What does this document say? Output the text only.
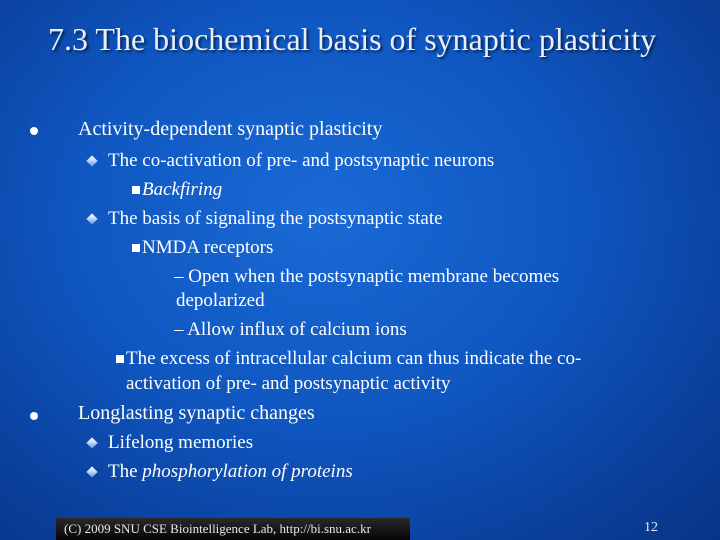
7.3 The biochemical basis of synaptic plasticity
Activity-dependent synaptic plasticity
The co-activation of pre- and postsynaptic neurons
Backfiring
The basis of signaling the postsynaptic state
NMDA receptors
– Open when the postsynaptic membrane becomes
depolarized
– Allow influx of calcium ions
The excess of intracellular calcium can thus indicate the co-
activation of pre- and postsynaptic activity
Longlasting synaptic changes
Lifelong memories
The phosphorylation of proteins
(C) 2009 SNU CSE Biointelligence Lab, http://bi.snu.ac.kr	12
